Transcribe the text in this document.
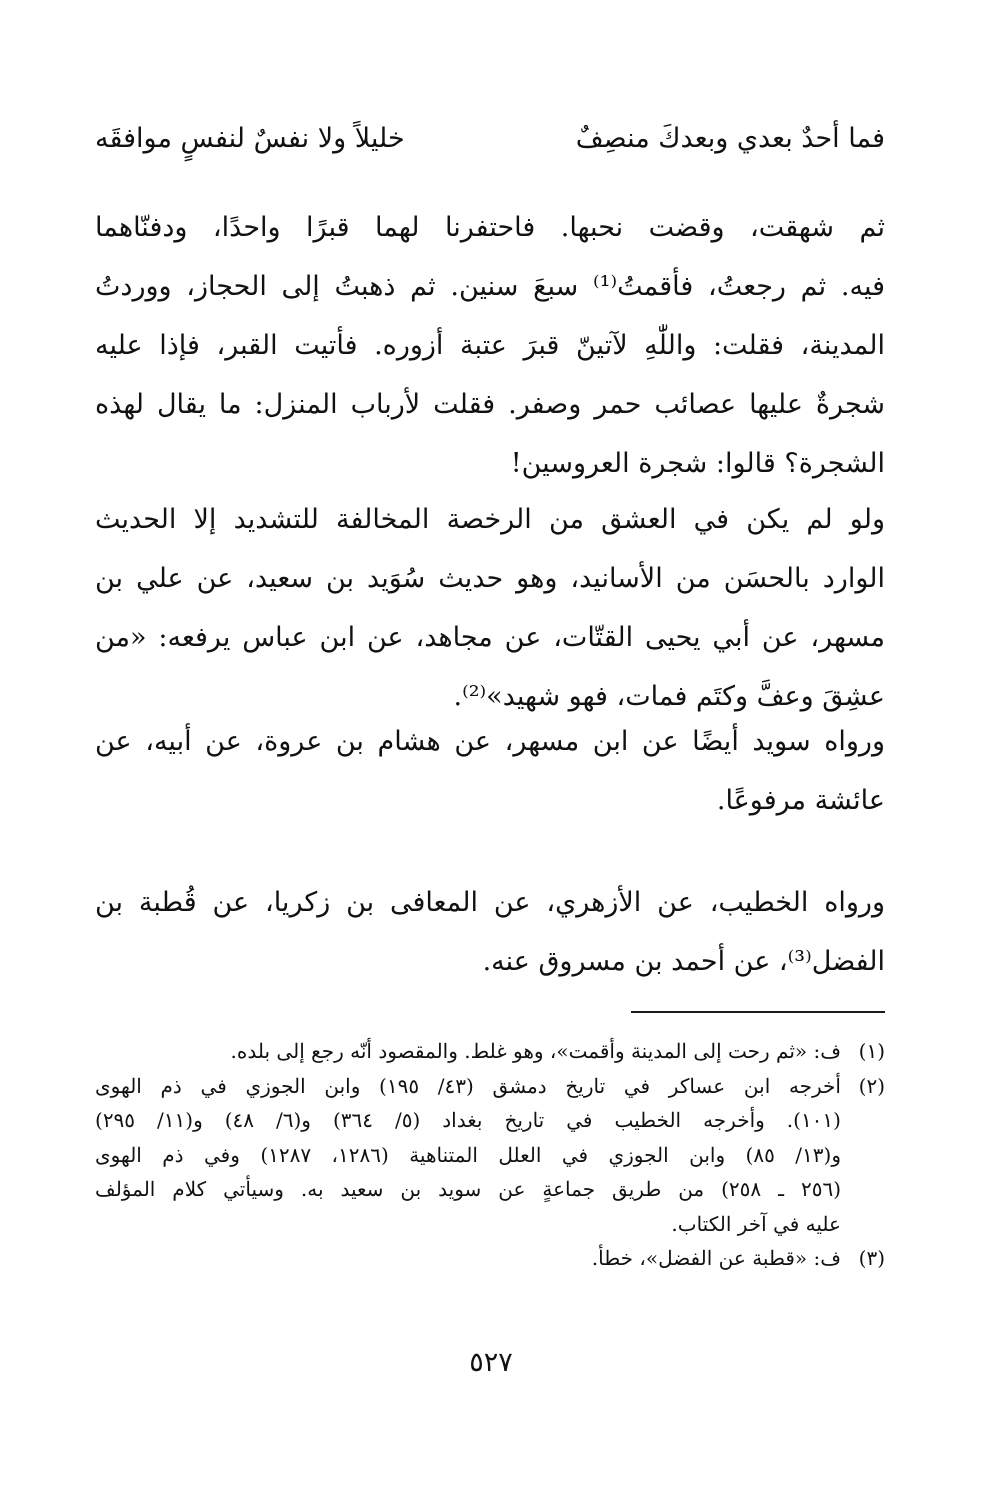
فما أحدٌ بعدي وبعدكَ منصِفٌ
خليلاً ولا نفسٌ لنفسٍ موافقَه

ثم شهقت، وقضت نحبها. فاحتفرنا لهما قبرًا واحدًا، ودفنّاهما
فيه. ثم رجعتُ، فأقمتُ⁽¹⁾ سبعَ سنين. ثم ذهبتُ إلى الحجاز، ووردتُ
المدينة، فقلت: واللّٰهِ لآتينّ قبرَ عتبة أزوره. فأتيت القبر، فإذا عليه
شجرةٌ عليها عصائب حمر وصفر. فقلت لأرباب المنزل: ما يقال لهذه
الشجرة؟ قالوا: شجرة العروسين!

ولو لم يكن في العشق من الرخصة المخالفة للتشديد إلا الحديث
الوارد بالحسَن من الأسانيد، وهو حديث سُوَيد بن سعيد، عن علي بن
مسهر، عن أبي يحيى القتّات، عن مجاهد، عن ابن عباس يرفعه: «من
عشِقَ وعفَّ وكتَم فمات، فهو شهيد»⁽²⁾.

ورواه سويد أيضًا عن ابن مسهر، عن هشام بن عروة، عن أبيه، عن
عائشة مرفوعًا.

ورواه الخطيب، عن الأزهري، عن المعافى بن زكريا، عن قُطبة بن
الفضل⁽³⁾، عن أحمد بن مسروق عنه.

(١)
ف: «ثم رحت إلى المدينة وأقمت»، وهو غلط. والمقصود أنّه رجع إلى بلده.
(٢)
أخرجه ابن عساكر في تاريخ دمشق (٤٣/ ١٩٥) وابن الجوزي في ذم الهوى
(١٠١). وأخرجه الخطيب في تاريخ بغداد (٥/ ٣٦٤) و(٦/ ٤٨) و(١١/ ٢٩٥)
و(١٣/ ٨٥) وابن الجوزي في العلل المتناهية (١٢٨٦، ١٢٨٧) وفي ذم الهوى
(٢٥٦ ـ ٢٥٨) من طريق جماعةٍ عن سويد بن سعيد به. وسيأتي كلام المؤلف
عليه في آخر الكتاب.
(٣)
ف: «قطبة عن الفضل»، خطأ.
٥٢٧
